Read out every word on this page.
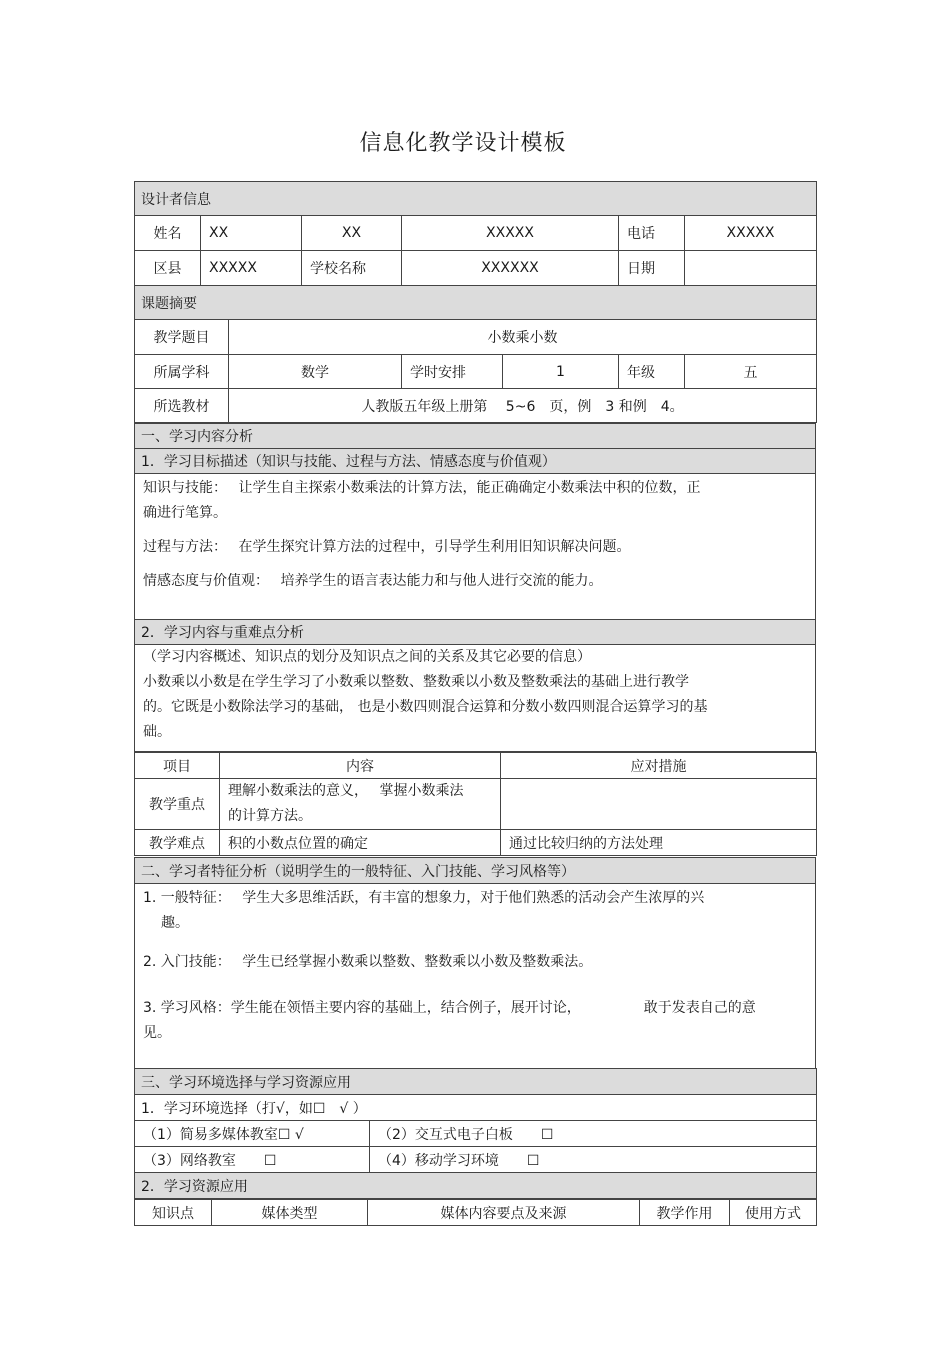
信息化教学设计模板
设计者信息							
姓名	XX		XX	XXXXX		电话	XXXXX
区县	XXXXX		学校名称	XXXXXX		日期	
课题摘要							
教学题目		小数乘小数					
所属学科		数学		学时安排	1	年级	五
所选教材		人教版五年级上册第　 5~6　页，例　3 和例　4。					
一、学习内容分析
1．学习目标描述（知识与技能、过程与方法、情感态度与价值观）

知识与技能：　 让学生自主探索小数乘法的计算方法，能正确确定小数乘法中积的位数，正
确进行笔算。
过程与方法：　 在学生探究计算方法的过程中，引导学生利用旧知识解决问题。
情感态度与价值观：　 培养学生的语言表达能力和与他人进行交流的能力。

2．学习内容与重难点分析

（学习内容概述、知识点的划分及知识点之间的关系及其它必要的信息）
小数乘以小数是在学生学习了小数乘以整数、整数乘以小数及整数乘法的基础上进行教学
的。它既是小数除法学习的基础， 也是小数四则混合运算和分数小数四则混合运算学习的基
础。
项目	内容	应对措施
教学重点	理解小数乘法的意义，　 掌握小数乘法
的计算方法。	

教学难点	积的小数点位置的确定	通过比较归纳的方法处理
二、学习者特征分析（说明学生的一般特征、入门技能、学习风格等）

1. 一般特征：　 学生大多思维活跃，有丰富的想象力，对于他们熟悉的活动会产生浓厚的兴
趣。
2. 入门技能：　 学生已经掌握小数乘以整数、整数乘以小数及整数乘法。
3. 学习风格：学生能在领悟主要内容的基础上，结合例子，展开讨论，　　　　　敢于发表自己的意
见。
三、学习环境选择与学习资源应用	
1．学习环境选择（打√，如☐　√ ）	
（1）简易多媒体教室☐ √	（2）交互式电子白板　　☐
（3）网络教室　　☐	（4）移动学习环境　　☐
2．学习资源应用	
知识点	媒体类型	媒体内容要点及来源	教学作用	使用方式
